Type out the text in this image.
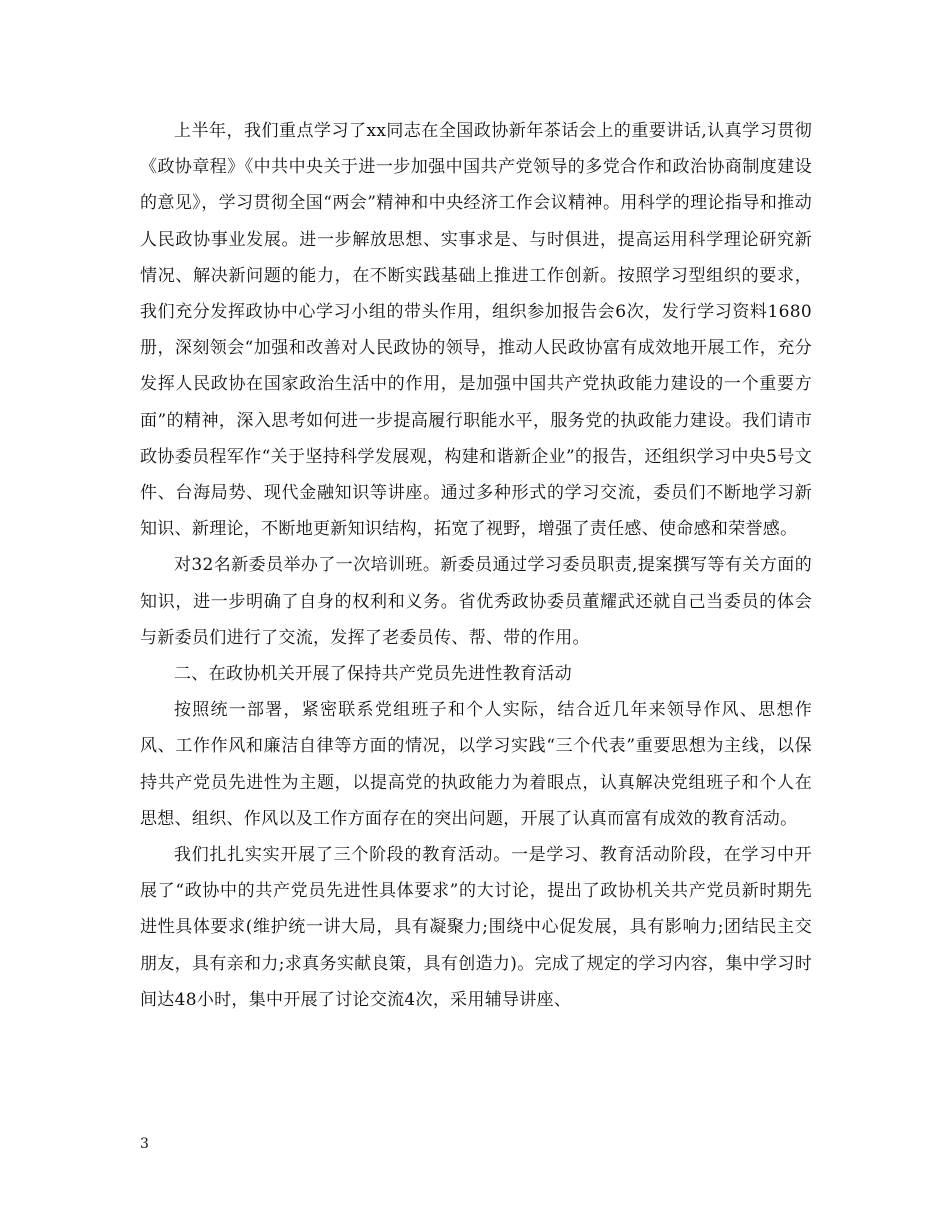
上半年，我们重点学习了xx同志在全国政协新年茶话会上的重要讲话,认真学习贯彻《政协章程》《中共中央关于进一步加强中国共产党领导的多党合作和政治协商制度建设的意见》，学习贯彻全国“两会”精神和中央经济工作会议精神。用科学的理论指导和推动人民政协事业发展。进一步解放思想、实事求是、与时俱进，提高运用科学理论研究新情况、解决新问题的能力，在不断实践基础上推进工作创新。按照学习型组织的要求，我们充分发挥政协中心学习小组的带头作用，组织参加报告会6次，发行学习资料1680册，深刻领会“加强和改善对人民政协的领导，推动人民政协富有成效地开展工作，充分发挥人民政协在国家政治生活中的作用，是加强中国共产党执政能力建设的一个重要方面”的精神，深入思考如何进一步提高履行职能水平，服务党的执政能力建设。我们请市政协委员程军作“关于坚持科学发展观，构建和谐新企业”的报告，还组织学习中央5号文件、台海局势、现代金融知识等讲座。通过多种形式的学习交流，委员们不断地学习新知识、新理论，不断地更新知识结构，拓宽了视野，增强了责任感、使命感和荣誉感。

对32名新委员举办了一次培训班。新委员通过学习委员职责,提案撰写等有关方面的知识，进一步明确了自身的权利和义务。省优秀政协委员董耀武还就自己当委员的体会与新委员们进行了交流，发挥了老委员传、帮、带的作用。

二、在政协机关开展了保持共产党员先进性教育活动

按照统一部署，紧密联系党组班子和个人实际，结合近几年来领导作风、思想作风、工作作风和廉洁自律等方面的情况，以学习实践“三个代表”重要思想为主线，以保持共产党员先进性为主题，以提高党的执政能力为着眼点，认真解决党组班子和个人在思想、组织、作风以及工作方面存在的突出问题，开展了认真而富有成效的教育活动。

我们扎扎实实开展了三个阶段的教育活动。一是学习、教育活动阶段，在学习中开展了“政协中的共产党员先进性具体要求”的大讨论，提出了政协机关共产党员新时期先进性具体要求(维护统一讲大局，具有凝聚力;围绕中心促发展，具有影响力;团结民主交朋友，具有亲和力;求真务实献良策，具有创造力)。完成了规定的学习内容，集中学习时间达48小时，集中开展了讨论交流4次，采用辅导讲座、

3
